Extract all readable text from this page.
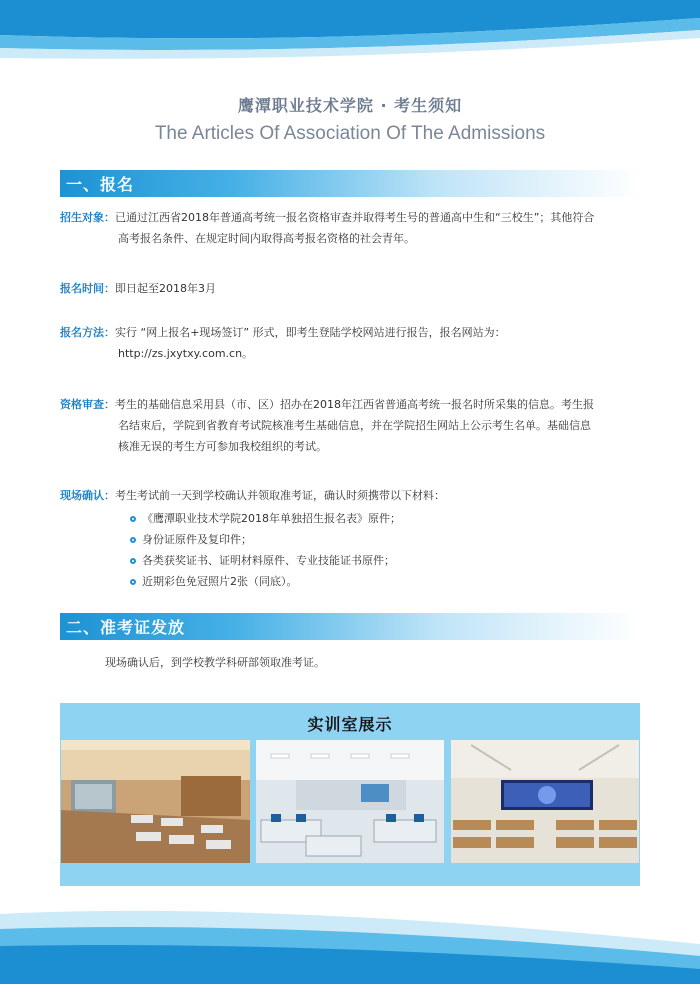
鹰潭职业技术学院 · 考生须知
The Articles Of Association Of The Admissions
一、报名
招生对象：已通过江西省2018年普通高考统一报名资格审查并取得考生号的普通高中生和“三校生”；其他符合
高考报名条件、在规定时间内取得高考报名资格的社会青年。
报名时间：即日起至2018年3月
报名方法：实行 “网上报名+现场签订” 形式，即考生登陆学校网站进行报告，报名网站为：
http://zs.jxytxy.com.cn。
资格审查：考生的基础信息采用县（市、区）招办在2018年江西省普通高考统一报名时所采集的信息。考生报
名结束后，学院到省教育考试院核准考生基础信息，并在学院招生网站上公示考生名单。基础信息
核准无误的考生方可参加我校组织的考试。
现场确认：考生考试前一天到学校确认并领取准考证，确认时须携带以下材料：
《鹰潭职业技术学院2018年单独招生报名表》原件；
身份证原件及复印件；
各类获奖证书、证明材料原件、专业技能证书原件；
近期彩色免冠照片2张（同底）。
二、准考证发放
现场确认后，到学校教学科研部领取准考证。
实训室展示
